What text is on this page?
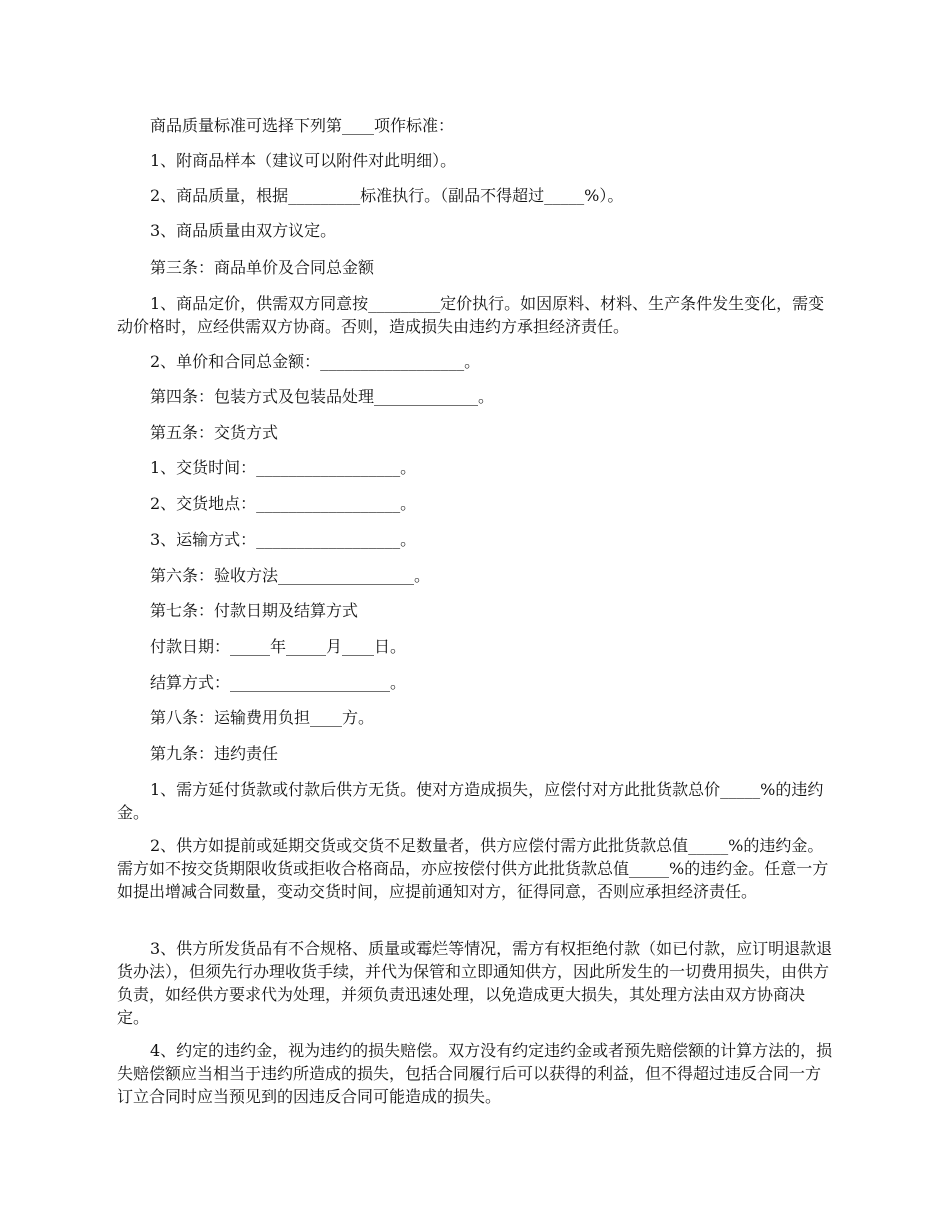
商品质量标准可选择下列第____项作标准：

1、附商品样本（建议可以附件对此明细）。

2、商品质量，根据_________标准执行。（副品不得超过_____%）。

3、商品质量由双方议定。

第三条：商品单价及合同总金额

1、商品定价，供需双方同意按_________定价执行。如因原料、材料、生产条件发生变化，需变动价格时，应经供需双方协商。否则，造成损失由违约方承担经济责任。

2、单价和合同总金额：__________________。

第四条：包装方式及包装品处理_____________。

第五条：交货方式

1、交货时间：__________________。

2、交货地点：__________________。

3、运输方式：__________________。

第六条：验收方法_________________。

第七条：付款日期及结算方式

付款日期：_____年_____月____日。

结算方式：____________________。

第八条：运输费用负担____方。

第九条：违约责任

1、需方延付货款或付款后供方无货。使对方造成损失，应偿付对方此批货款总价_____%的违约金。

2、供方如提前或延期交货或交货不足数量者，供方应偿付需方此批货款总值_____%的违约金。需方如不按交货期限收货或拒收合格商品，亦应按偿付供方此批货款总值_____%的违约金。任意一方如提出增减合同数量，变动交货时间，应提前通知对方，征得同意，否则应承担经济责任。

3、供方所发货品有不合规格、质量或霉烂等情况，需方有权拒绝付款（如已付款，应订明退款退货办法），但须先行办理收货手续，并代为保管和立即通知供方，因此所发生的一切费用损失，由供方负责，如经供方要求代为处理，并须负责迅速处理，以免造成更大损失，其处理方法由双方协商决定。

4、约定的违约金，视为违约的损失赔偿。双方没有约定违约金或者预先赔偿额的计算方法的，损失赔偿额应当相当于违约所造成的损失，包括合同履行后可以获得的利益，但不得超过违反合同一方订立合同时应当预见到的因违反合同可能造成的损失。
